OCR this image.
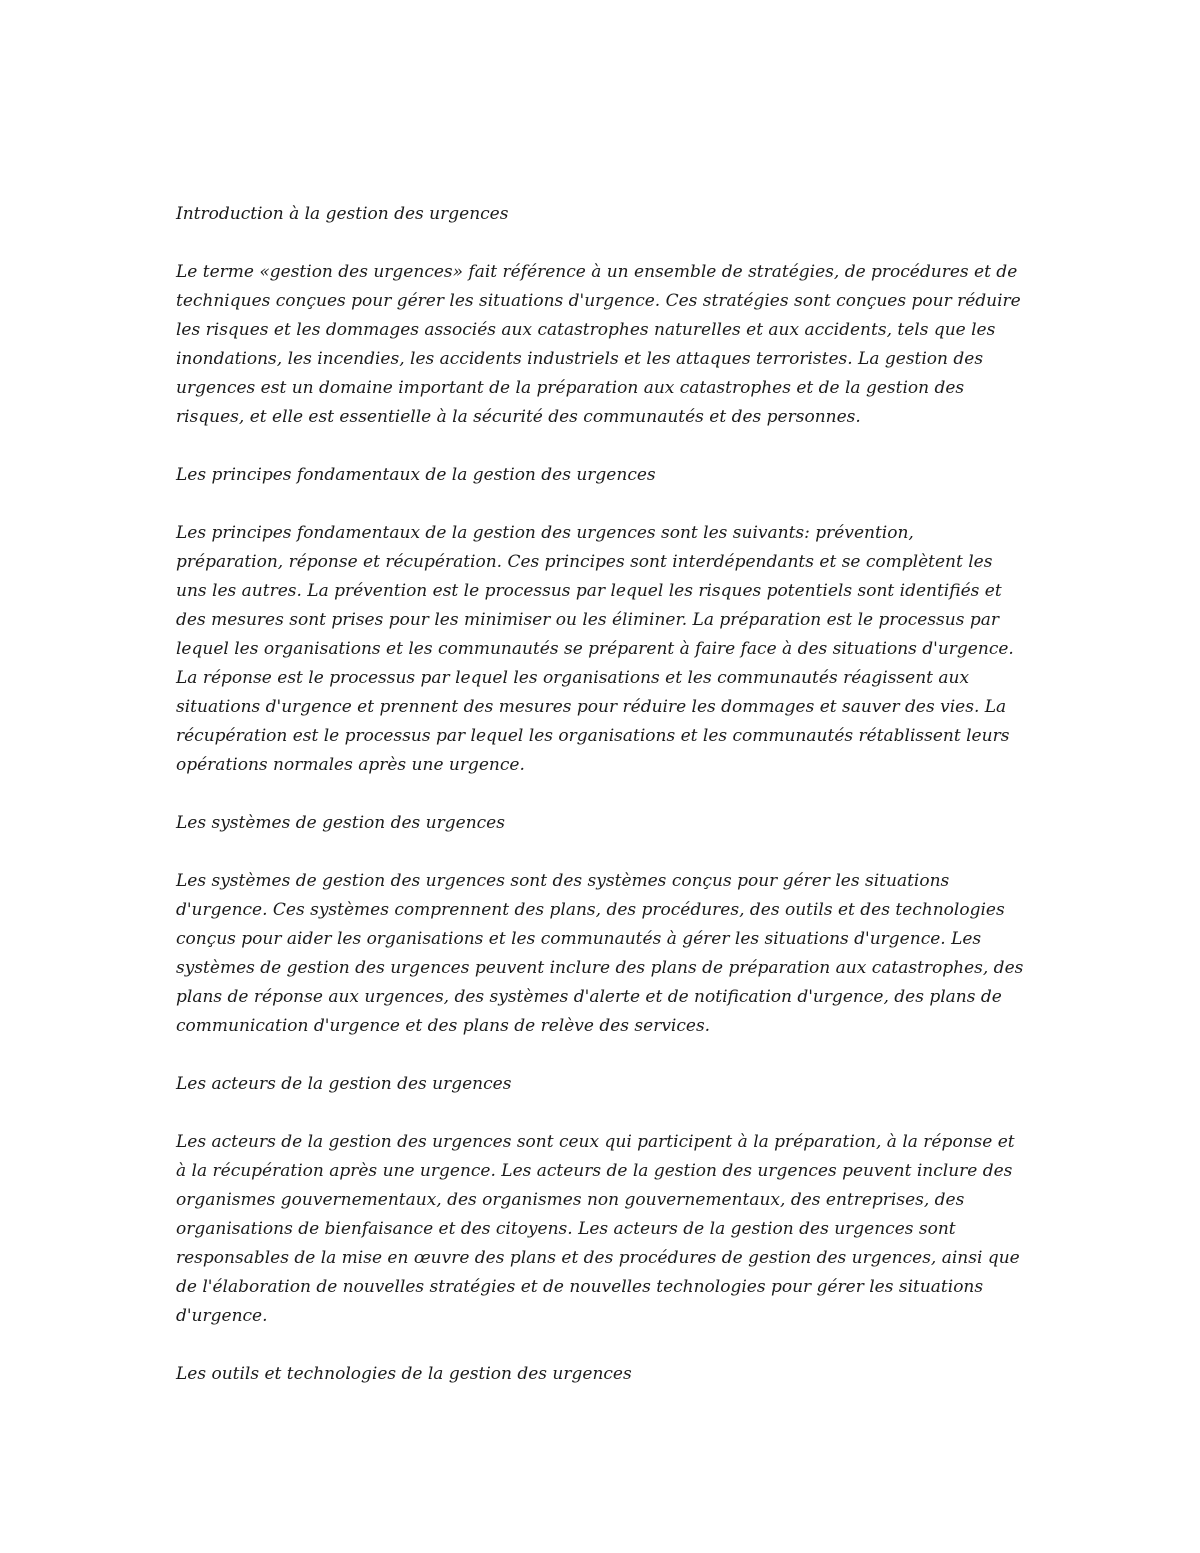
Introduction à la gestion des urgences

Le terme «gestion des urgences» fait référence à un ensemble de stratégies, de procédures et de techniques conçues pour gérer les situations d'urgence. Ces stratégies sont conçues pour réduire les risques et les dommages associés aux catastrophes naturelles et aux accidents, tels que les inondations, les incendies, les accidents industriels et les attaques terroristes. La gestion des urgences est un domaine important de la préparation aux catastrophes et de la gestion des risques, et elle est essentielle à la sécurité des communautés et des personnes.

Les principes fondamentaux de la gestion des urgences

Les principes fondamentaux de la gestion des urgences sont les suivants: prévention, préparation, réponse et récupération. Ces principes sont interdépendants et se complètent les uns les autres. La prévention est le processus par lequel les risques potentiels sont identifiés et des mesures sont prises pour les minimiser ou les éliminer. La préparation est le processus par lequel les organisations et les communautés se préparent à faire face à des situations d'urgence. La réponse est le processus par lequel les organisations et les communautés réagissent aux situations d'urgence et prennent des mesures pour réduire les dommages et sauver des vies. La récupération est le processus par lequel les organisations et les communautés rétablissent leurs opérations normales après une urgence.

Les systèmes de gestion des urgences

Les systèmes de gestion des urgences sont des systèmes conçus pour gérer les situations d'urgence. Ces systèmes comprennent des plans, des procédures, des outils et des technologies conçus pour aider les organisations et les communautés à gérer les situations d'urgence. Les systèmes de gestion des urgences peuvent inclure des plans de préparation aux catastrophes, des plans de réponse aux urgences, des systèmes d'alerte et de notification d'urgence, des plans de communication d'urgence et des plans de relève des services.

Les acteurs de la gestion des urgences

Les acteurs de la gestion des urgences sont ceux qui participent à la préparation, à la réponse et à la récupération après une urgence. Les acteurs de la gestion des urgences peuvent inclure des organismes gouvernementaux, des organismes non gouvernementaux, des entreprises, des organisations de bienfaisance et des citoyens. Les acteurs de la gestion des urgences sont responsables de la mise en œuvre des plans et des procédures de gestion des urgences, ainsi que de l'élaboration de nouvelles stratégies et de nouvelles technologies pour gérer les situations d'urgence.

Les outils et technologies de la gestion des urgences
